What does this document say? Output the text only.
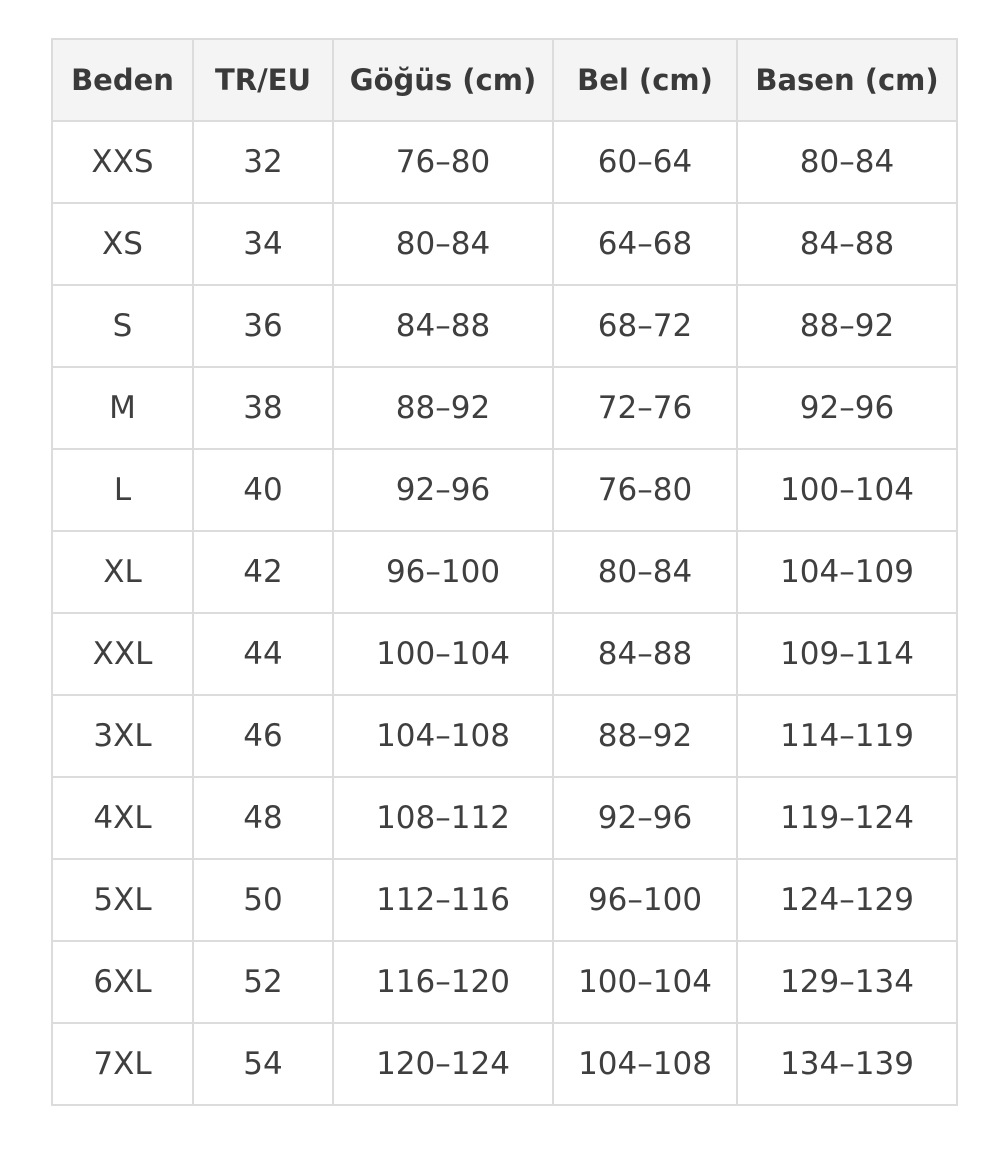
Beden	TR/EU	Göğüs (cm)	Bel (cm)	Basen (cm)
XXS	32	76–80	60–64	80–84
XS	34	80–84	64–68	84–88
S	36	84–88	68–72	88–92
M	38	88–92	72–76	92–96
L	40	92–96	76–80	100–104
XL	42	96–100	80–84	104–109
XXL	44	100–104	84–88	109–114
3XL	46	104–108	88–92	114–119
4XL	48	108–112	92–96	119–124
5XL	50	112–116	96–100	124–129
6XL	52	116–120	100–104	129–134
7XL	54	120–124	104–108	134–139
